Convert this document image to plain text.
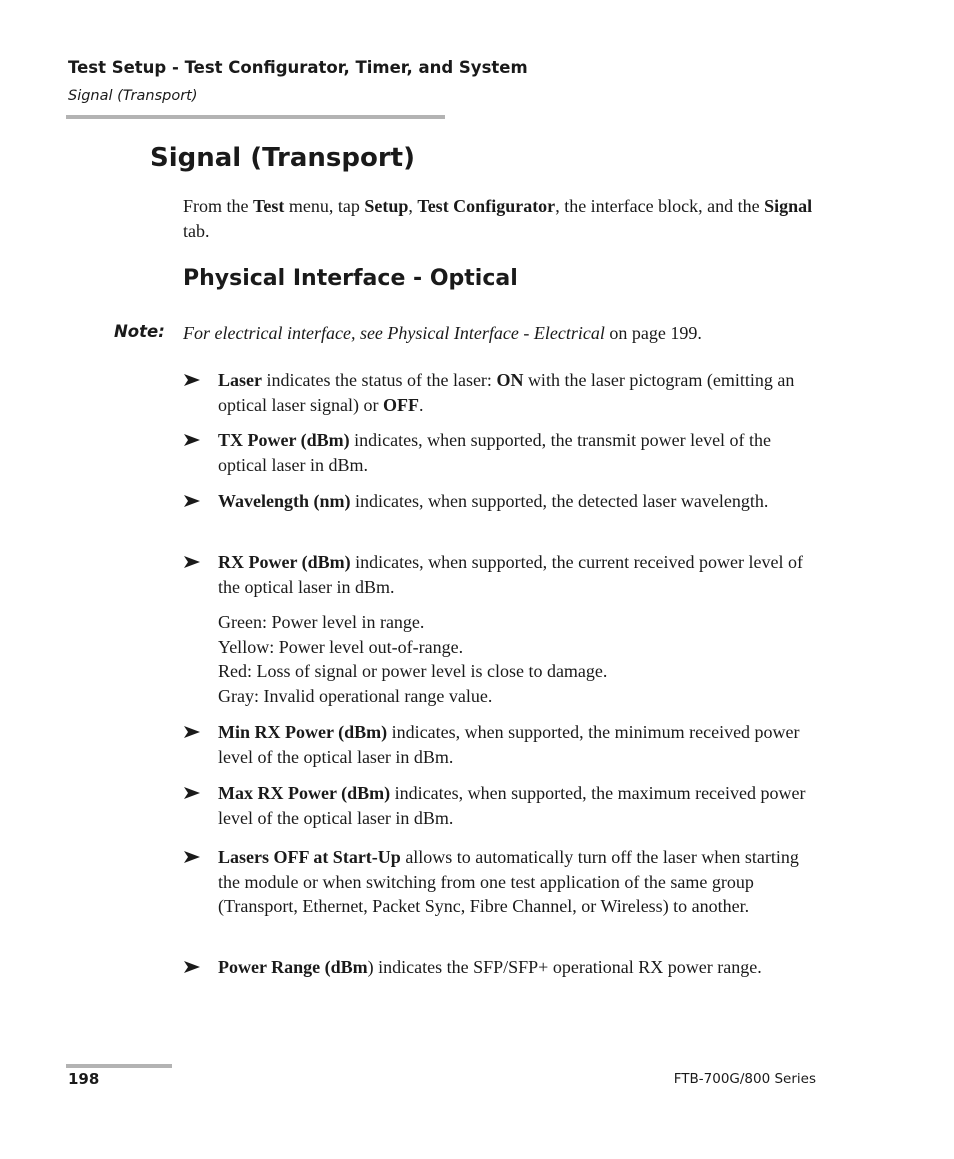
Test Setup - Test Configurator, Timer, and System
Signal (Transport)
Signal (Transport)
From the Test menu, tap Setup, Test Configurator, the interface block, and the Signal tab.
Physical Interface - Optical
Note: For electrical interface, see Physical Interface - Electrical on page 199.
Laser indicates the status of the laser: ON with the laser pictogram (emitting an optical laser signal) or OFF.
TX Power (dBm) indicates, when supported, the transmit power level of the optical laser in dBm.
Wavelength (nm) indicates, when supported, the detected laser wavelength.
RX Power (dBm) indicates, when supported, the current received power level of the optical laser in dBm.
Green: Power level in range.
Yellow: Power level out-of-range.
Red: Loss of signal or power level is close to damage.
Gray: Invalid operational range value.
Min RX Power (dBm) indicates, when supported, the minimum received power level of the optical laser in dBm.
Max RX Power (dBm) indicates, when supported, the maximum received power level of the optical laser in dBm.
Lasers OFF at Start-Up allows to automatically turn off the laser when starting the module or when switching from one test application of the same group (Transport, Ethernet, Packet Sync, Fibre Channel, or Wireless) to another.
Power Range (dBm) indicates the SFP/SFP+ operational RX power range.
198	FTB-700G/800 Series
